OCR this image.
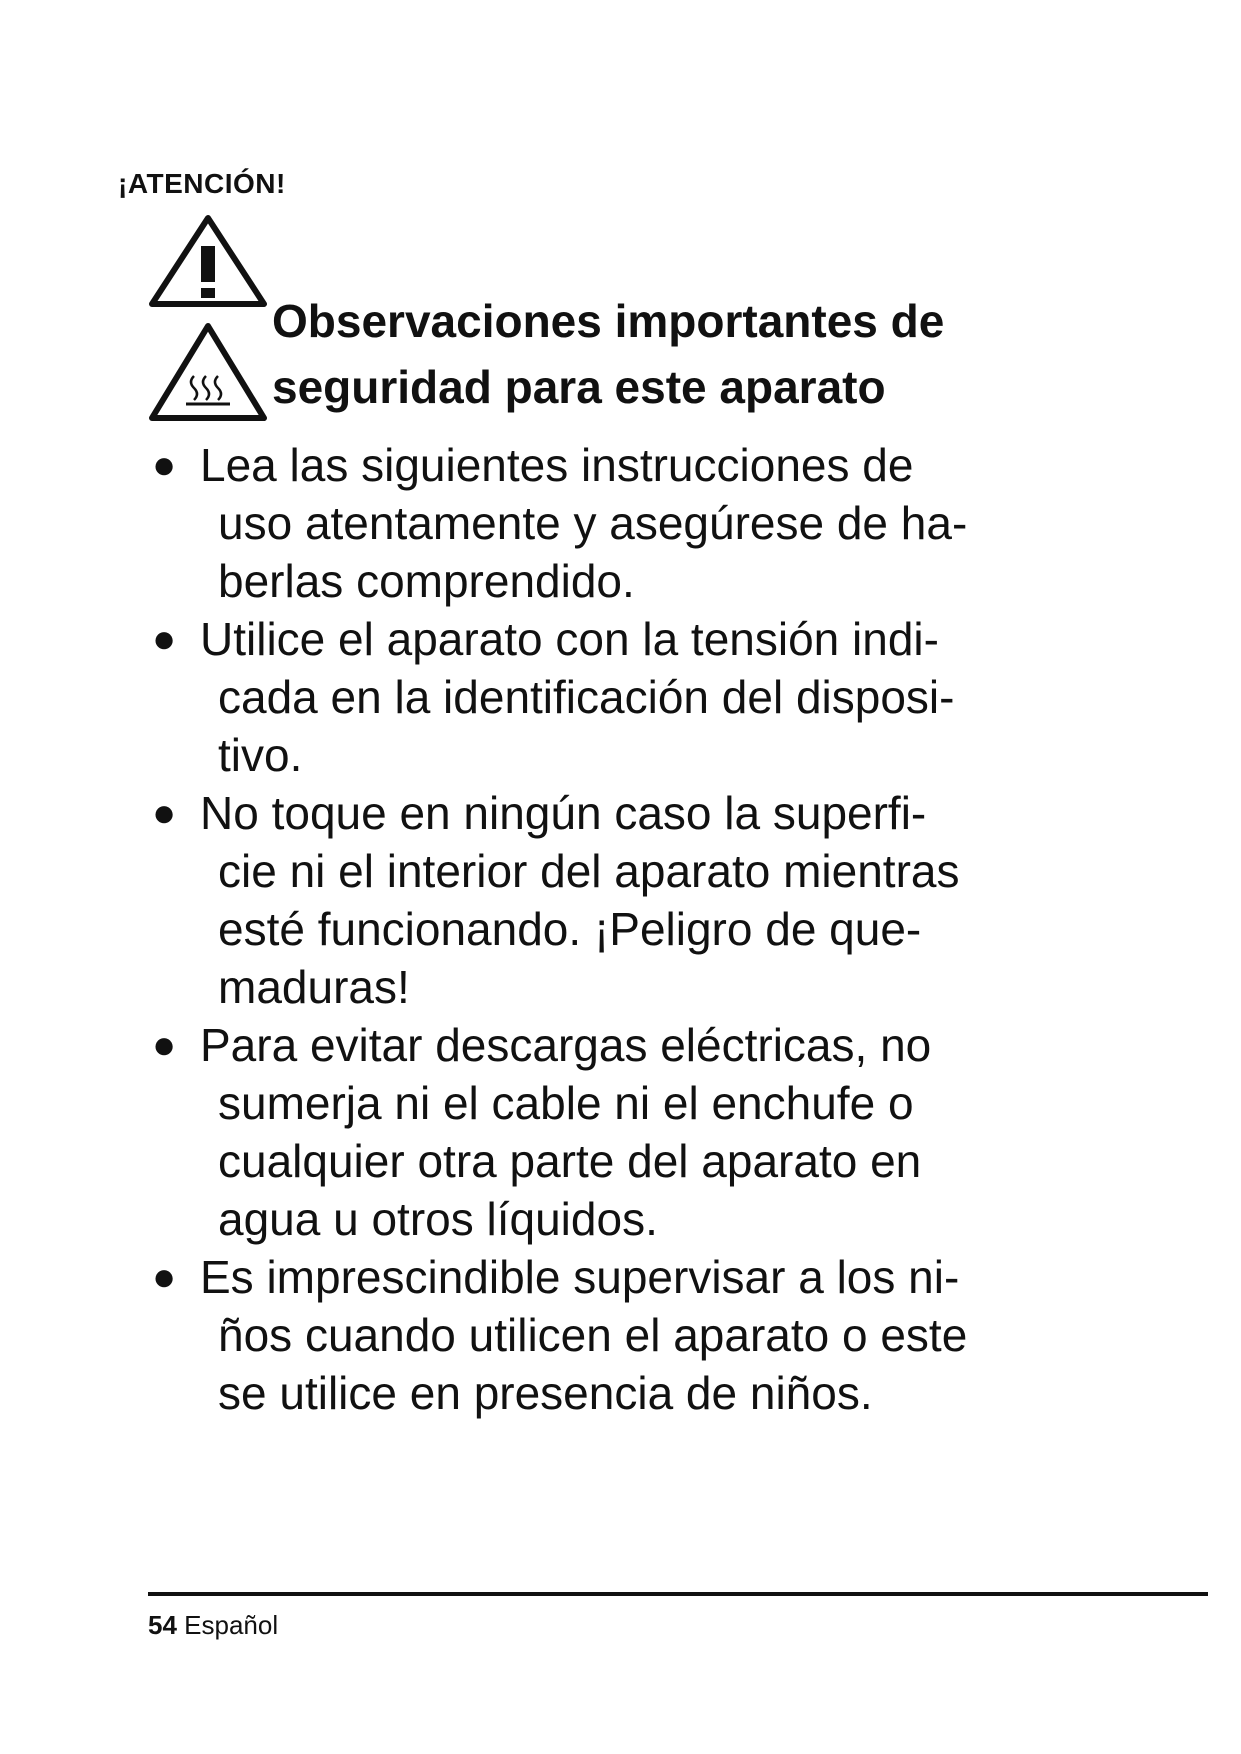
¡ATENCIÓN!
Observaciones importantes de
seguridad para este aparato
● Lea las siguientes instrucciones de
uso atentamente y asegúrese de ha-
berlas comprendido.
● Utilice el aparato con la tensión indi-
cada en la identificación del disposi-
tivo.
● No toque en ningún caso la superfi-
cie ni el interior del aparato mientras
esté funcionando. ¡Peligro de que-
maduras!
● Para evitar descargas eléctricas, no
sumerja ni el cable ni el enchufe o
cualquier otra parte del aparato en
agua u otros líquidos.
● Es imprescindible supervisar a los ni-
ños cuando utilicen el aparato o este
se utilice en presencia de niños.
54 Español
